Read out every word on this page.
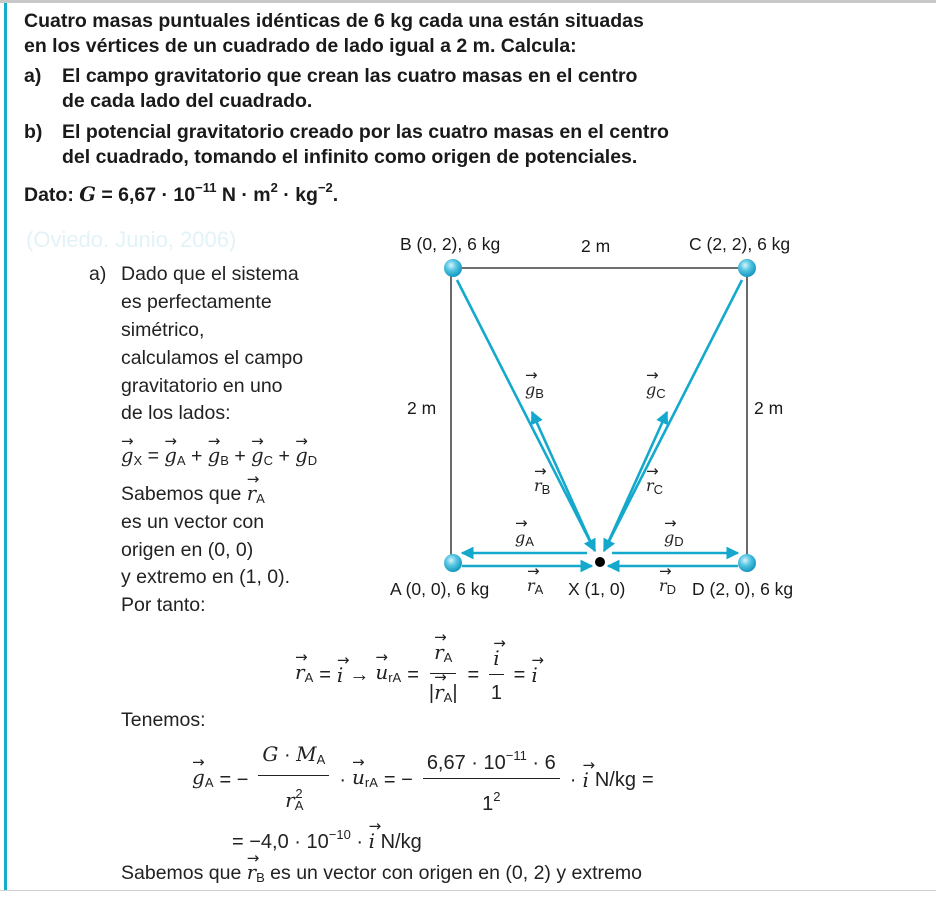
Cuatro masas puntuales idénticas de 6 kg cada una están situadas
en los vértices de un cuadrado de lado igual a 2 m. Calcula:
a) El campo gravitatorio que crean las cuatro masas en el centro
de cada lado del cuadrado.
b) El potencial gravitatorio creado por las cuatro masas en el centro
del cuadrado, tomando el infinito como origen de potenciales.
Dato: $G = 6,67 \cdot 10^{-11}$ $N \cdot m^2 \cdot kg^{-2}$.
(Oviedo. Junio, 2006)
a) Dado que el sistema
es perfectamente
simétrico,
calculamos el campo
gravitatorio en uno
de los lados:
→ $g_X$ = → $g_A$ + → $g_B$ + → $g_C$ + → $g_D$
Sabemos que → $r_A$
es un vector con
origen en (0, 0)
y extremo en (1, 0).
Por tanto:
→ $r_A$ = → i → → $u_{rA}$ = → $\frac{r_A}{|\to r_A|}$ = → $\frac{i}{1}$ = → i
Tenemos:
→ $g_A$ = − $\frac{G \cdot M_A}{r_A^2}$ · → $u_{rA}$ = − $\frac{6,67 \cdot 10^{-11} \cdot 6}{1^2}$ · → i N/kg =
= $-4,0 \cdot 10^{-10}$ · → i N/kg
Sabemos que → $r_B$ es un vector con origen en (0, 2) y extremo
B (0, 2), 6 kg	C (2, 2), 6 kg
2 m
2 m	2 m
A (0, 0), 6 kg	X (1, 0)	D (2, 0), 6 kg
→ $g_B$	→ $g_C$
→ $r_B$	→ $r_C$
→ $g_A$	→ $g_D$
→ $r_A$	→ $r_D$
